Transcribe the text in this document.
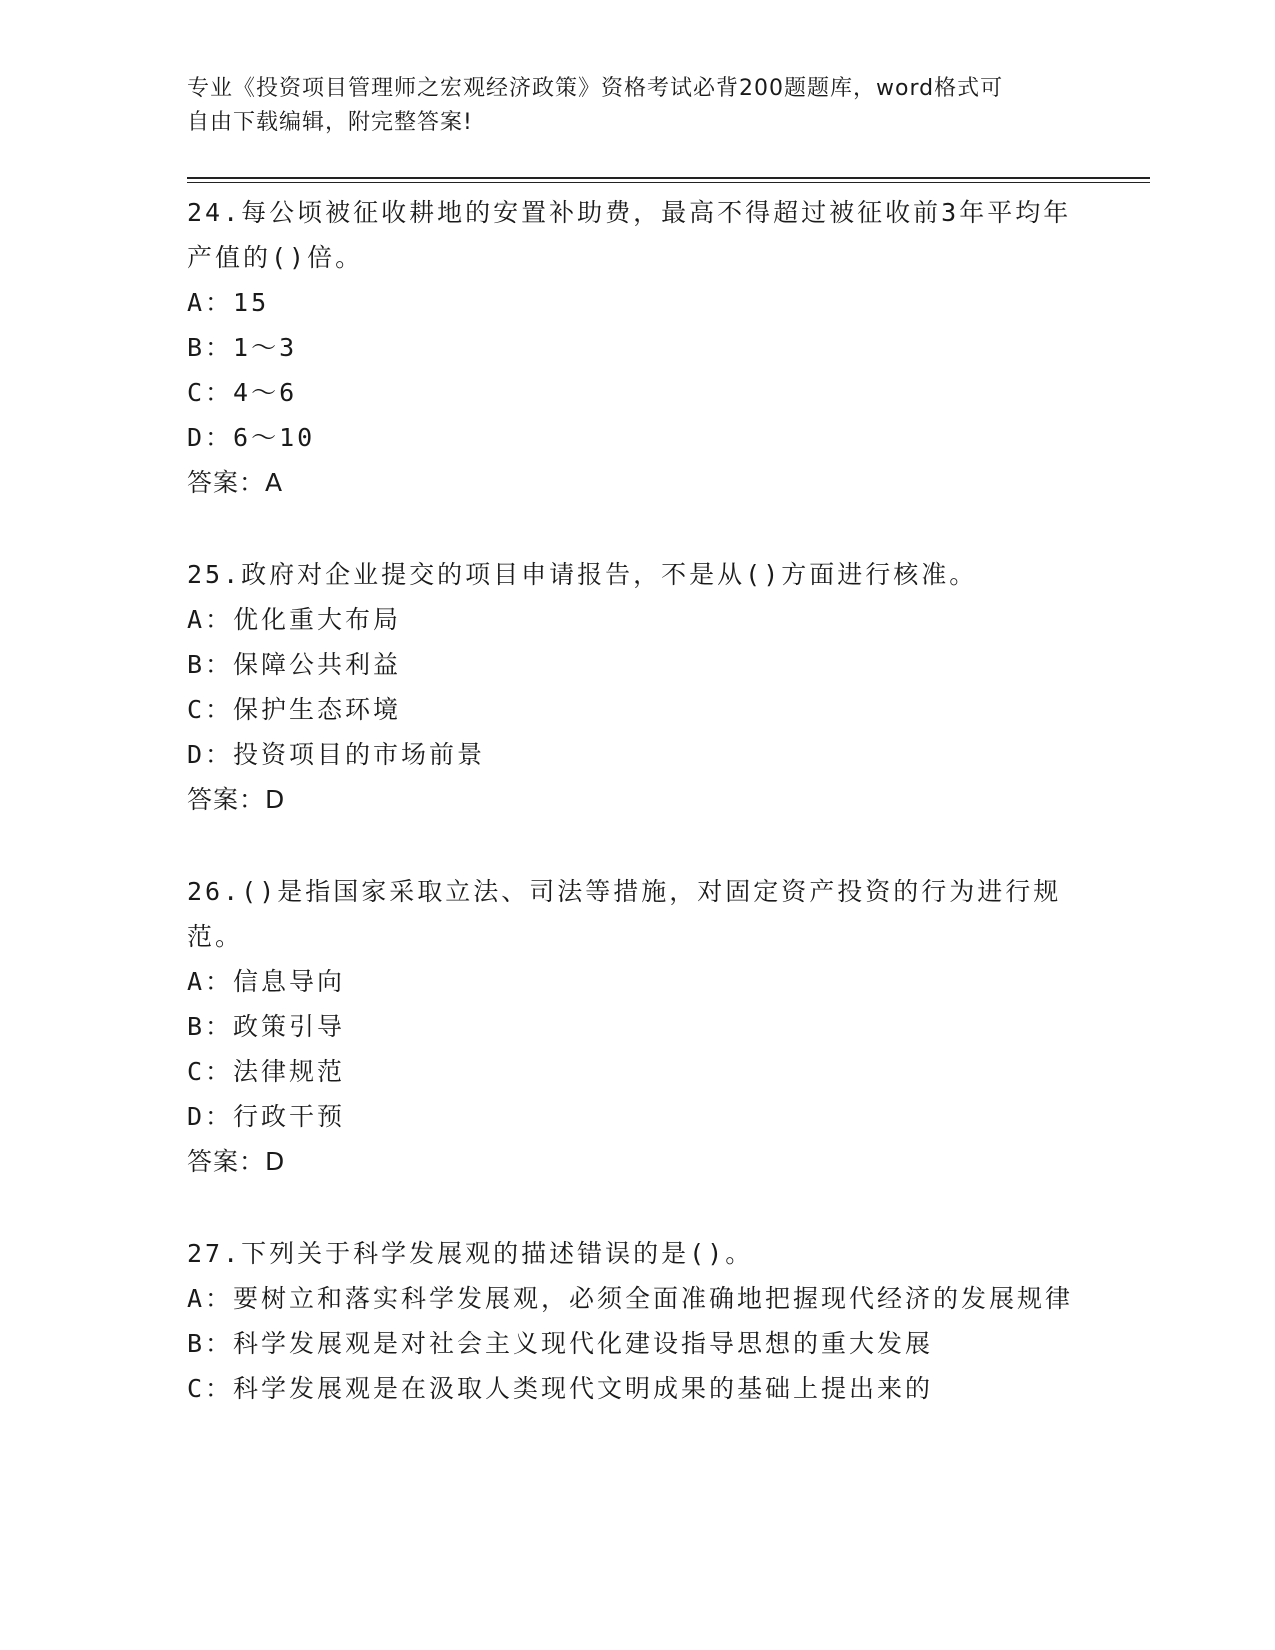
专业《投资项目管理师之宏观经济政策》资格考试必背200题题库，word格式可
自由下载编辑，附完整答案!
24.每公顷被征收耕地的安置补助费，最高不得超过被征收前3年平均年产值的()倍。
A：15
B：1～3
C：4～6
D：6～10
答案：A
25.政府对企业提交的项目申请报告，不是从()方面进行核准。
A：优化重大布局
B：保障公共利益
C：保护生态环境
D：投资项目的市场前景
答案：D
26.()是指国家采取立法、司法等措施，对固定资产投资的行为进行规范。
A：信息导向
B：政策引导
C：法律规范
D：行政干预
答案：D
27.下列关于科学发展观的描述错误的是()。
A：要树立和落实科学发展观，必须全面准确地把握现代经济的发展规律
B：科学发展观是对社会主义现代化建设指导思想的重大发展
C：科学发展观是在汲取人类现代文明成果的基础上提出来的
